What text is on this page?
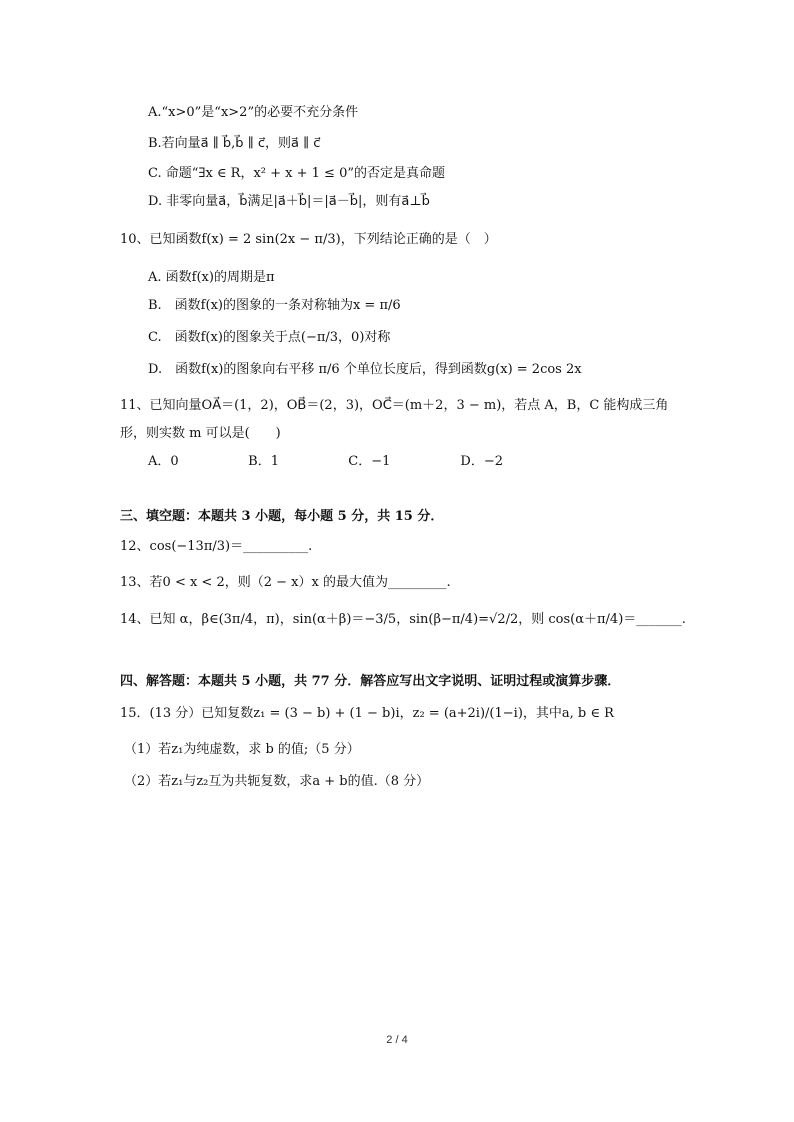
A.“x>0”是“x>2”的必要不充分条件
B.若向量a⃗ ∥ b⃗,b⃗ ∥ c⃗，则a⃗ ∥ c⃗
C. 命题“∃x ∈ R，x² + x + 1 ≤ 0”的否定是真命题
D. 非零向量a⃗，b⃗满足|a⃗＋b⃗|＝|a⃗－b⃗|，则有a⃗⊥b⃗
10、已知函数f(x) = 2 sin(2x − π/3)，下列结论正确的是（　）
A. 函数f(x)的周期是π
B.　函数f(x)的图象的一条对称轴为x = π/6
C.　函数f(x)的图象关于点(−π/3，0)对称
D.　函数f(x)的图象向右平移 π/6 个单位长度后，得到函数g(x) = 2cos 2x
11、已知向量OA⃗＝(1，2)，OB⃗＝(2，3)，OC⃗＝(m＋2，3 − m)，若点 A，B，C 能构成三角
形，则实数 m 可以是(　　)
A．0	B．1	C．−1	D．−2
三、填空题：本题共 3 小题，每小题 5 分，共 15 分．
12、cos(−13π/3)＝__________.
13、若0 < x < 2，则（2 − x）x 的最大值为_________.
14、已知 α，β∈(3π/4，π)，sin(α＋β)＝−3/5，sin(β−π/4)=√2/2，则 cos(α＋π/4)＝_______.
四、解答题：本题共 5 小题，共 77 分．解答应写出文字说明、证明过程或演算步骤．
15．(13 分）已知复数z₁ = (3 − b) + (1 − b)i，z₂ = (a+2i)/(1−i)，其中a, b ∈ R
（1）若z₁为纯虚数，求 b 的值;（5 分）
（2）若z₁与z₂互为共轭复数，求a + b的值.（8 分）
2 / 4
